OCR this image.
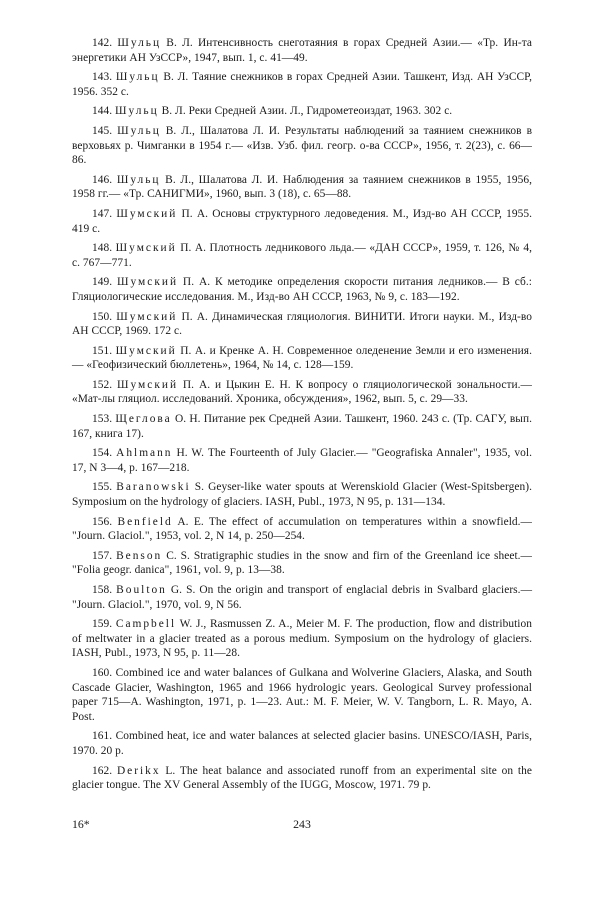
142. Шульц В. Л. Интенсивность снеготаяния в горах Средней Азии.— «Тр. Ин-та энергетики АН УзССР», 1947, вып. 1, с. 41—49.

143. Шульц В. Л. Таяние снежников в горах Средней Азии. Ташкент, Изд. АН УзССР, 1956. 352 с.

144. Шульц В. Л. Реки Средней Азии. Л., Гидрометеоиздат, 1963. 302 с.

145. Шульц В. Л., Шалатова Л. И. Результаты наблюдений за таянием снежников в верховьях р. Чимганки в 1954 г.— «Изв. Узб. фил. геогр. о-ва СССР», 1956, т. 2(23), с. 66—86.

146. Шульц В. Л., Шалатова Л. И. Наблюдения за таянием снежников в 1955, 1956, 1958 гг.— «Тр. САНИГМИ», 1960, вып. 3 (18), с. 65—88.

147. Шумский П. А. Основы структурного ледоведения. М., Изд-во АН СССР, 1955. 419 с.

148. Шумский П. А. Плотность ледникового льда.— «ДАН СССР», 1959, т. 126, № 4, с. 767—771.

149. Шумский П. А. К методике определения скорости питания ледников.— В сб.: Гляциологические исследования. М., Изд-во АН СССР, 1963, № 9, с. 183—192.

150. Шумский П. А. Динамическая гляциология. ВИНИТИ. Итоги науки. М., Изд-во АН СССР, 1969. 172 с.

151. Шумский П. А. и Кренке А. Н. Современное оледенение Земли и его изменения.— «Геофизический бюллетень», 1964, № 14, с. 128—159.

152. Шумский П. А. и Цыкин Е. Н. К вопросу о гляциологической зональности.— «Мат-лы гляциол. исследований. Хроника, обсуждения», 1962, вып. 5, с. 29—33.

153. Щеглова О. Н. Питание рек Средней Азии. Ташкент, 1960. 243 с. (Тр. САГУ, вып. 167, книга 17).

154. Ahlmann H. W. The Fourteenth of July Glacier.— "Geografiska Annaler", 1935, vol. 17, N 3—4, p. 167—218.

155. Baranowski S. Geyser-like water spouts at Werenskiold Glacier (West-Spitsbergen). Symposium on the hydrology of glaciers. IASH, Publ., 1973, N 95, p. 131—134.

156. Benfield A. E. The effect of accumulation on temperatures within a snowfield.— "Journ. Glaciol.", 1953, vol. 2, N 14, p. 250—254.

157. Benson C. S. Stratigraphic studies in the snow and firn of the Greenland ice sheet.— "Folia geogr. danica", 1961, vol. 9, p. 13—38.

158. Boulton G. S. On the origin and transport of englacial debris in Svalbard glaciers.— "Journ. Glaciol.", 1970, vol. 9, N 56.

159. Campbell W. J., Rasmussen Z. A., Meier M. F. The production, flow and distribution of meltwater in a glacier treated as a porous medium. Symposium on the hydrology of glaciers. IASH, Publ., 1973, N 95, p. 11—28.

160. Combined ice and water balances of Gulkana and Wolverine Glaciers, Alaska, and South Cascade Glacier, Washington, 1965 and 1966 hydrologic years. Geological Survey professional paper 715—A. Washington, 1971, p. 1—23. Aut.: M. F. Meier, W. V. Tangborn, L. R. Mayo, A. Post.

161. Combined heat, ice and water balances at selected glacier basins. UNESCO/IASH, Paris, 1970. 20 p.

162. Derikx L. The heat balance and associated runoff from an experimental site on the glacier tongue. The XV General Assembly of the IUGG, Moscow, 1971. 79 p.

16*	243
